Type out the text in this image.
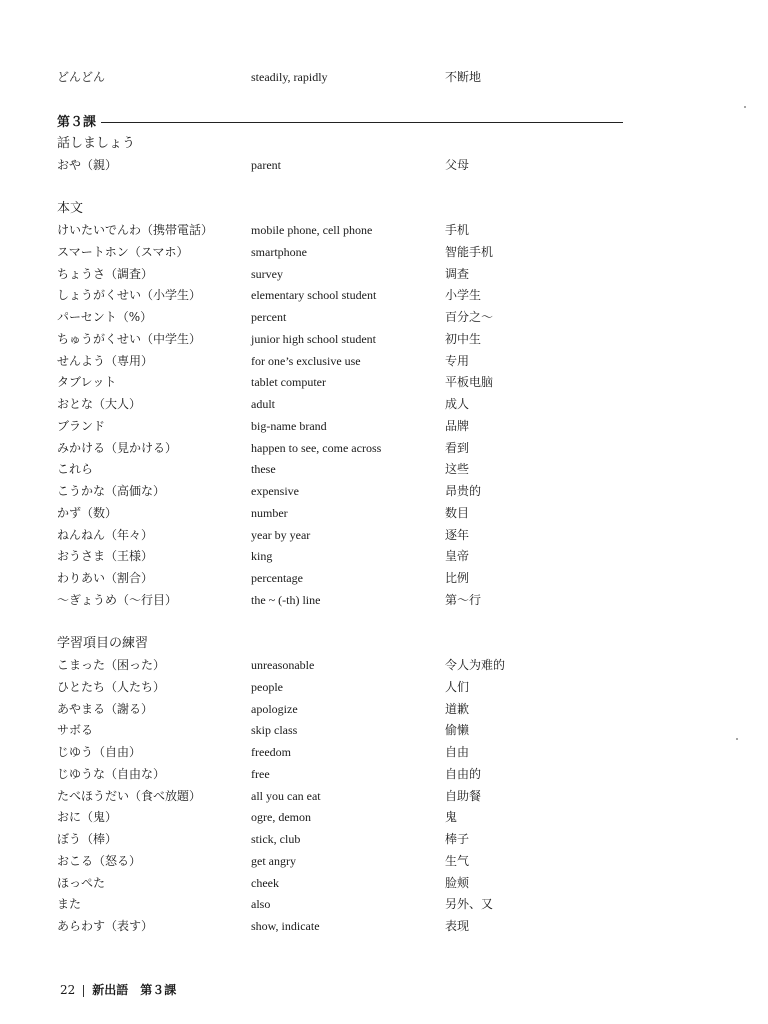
どんどん	steadily, rapidly	不断地
第３課
話しましょう
おや（親）	parent	父母
本文
けいたいでんわ（携帯電話）	mobile phone, cell phone	手机
スマートホン（スマホ）	smartphone	智能手机
ちょうさ（調査）	survey	调查
しょうがくせい（小学生）	elementary school student	小学生
パーセント（%）	percent	百分之～
ちゅうがくせい（中学生）	junior high school student	初中生
せんよう（専用）	for one’s exclusive use	专用
タブレット	tablet computer	平板电脑
おとな（大人）	adult	成人
ブランド	big-name brand	品牌
みかける（見かける）	happen to see, come across	看到
これら	these	这些
こうかな（高価な）	expensive	昂贵的
かず（数）	number	数目
ねんねん（年々）	year by year	逐年
おうさま（王様）	king	皇帝
わりあい（割合）	percentage	比例
～ぎょうめ（～行目）	the ~ (-th) line	第～行
学習項目の練習
こまった（困った）	unreasonable	令人为难的
ひとたち（人たち）	people	人们
あやまる（謝る）	apologize	道歉
サボる	skip class	偷懒
じゆう（自由）	freedom	自由
じゆうな（自由な）	free	自由的
たべほうだい（食べ放題）	all you can eat	自助餐
おに（鬼）	ogre, demon	鬼
ぼう（棒）	stick, club	棒子
おこる（怒る）	get angry	生气
ほっぺた	cheek	脸颊
また	also	另外、又
あらわす（表す）	show, indicate	表现
22 新出語　第３課
